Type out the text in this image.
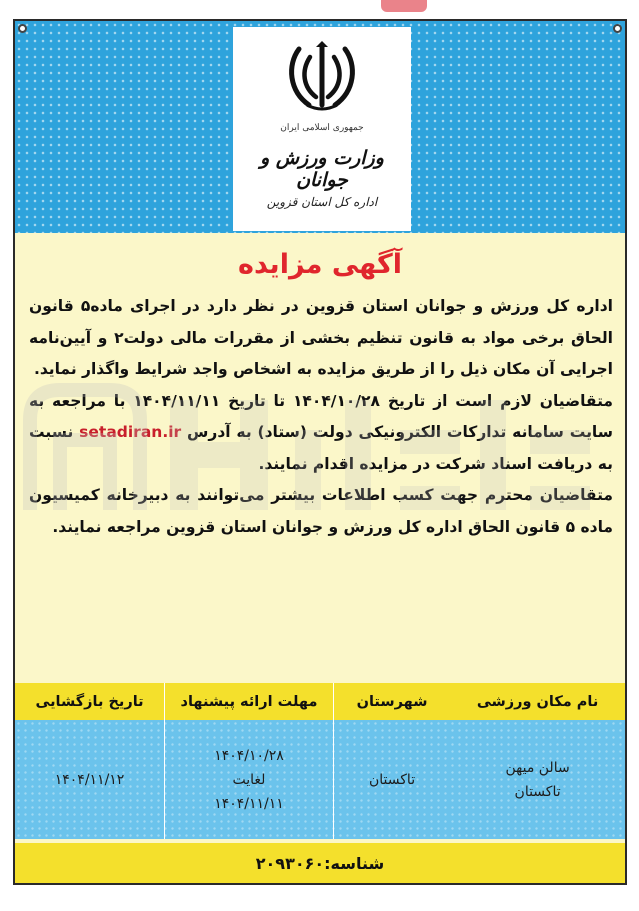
جمهوری اسلامی ایران
وزارت ورزش و جوانان
اداره کل استان قزوین
آگهی مزایده

اداره کل ورزش و جوانان استان قزوین در نظر دارد در اجرای ماده۵ قانون الحاق برخی مواد به قانون تنظیم بخشی از مقررات مالی دولت۲ و آیین‌نامه اجرایی آن مکان ذیل را از طریق مزایده به اشخاص واجد شرایط واگذار نماید.

متقاضیان لازم است از تاریخ ۱۴۰۴/۱۰/۲۸ تا تاریخ ۱۴۰۴/۱۱/۱۱ با مراجعه به سایت سامانه تدارکات الکترونیکی دولت (ستاد) به آدرس setadiran.ir نسبت به دریافت اسناد شرکت در مزایده اقدام نمایند.

متقاضیان محترم جهت کسب اطلاعات بیشتر می‌توانند به دبیرخانه کمیسیون ماده ۵ قانون الحاق اداره کل ورزش و جوانان استان قزوین مراجعه نمایند.

نام مکان ورزشی
شهرستان
مهلت ارائه پیشنهاد
تاریخ بازگشایی
سالن میهن
تاکستان
تاکستان
۱۴۰۴/۱۰/۲۸
لغایت
۱۴۰۴/۱۱/۱۱
۱۴۰۴/۱۱/۱۲
شناسه:۲۰۹۳۰۶۰
